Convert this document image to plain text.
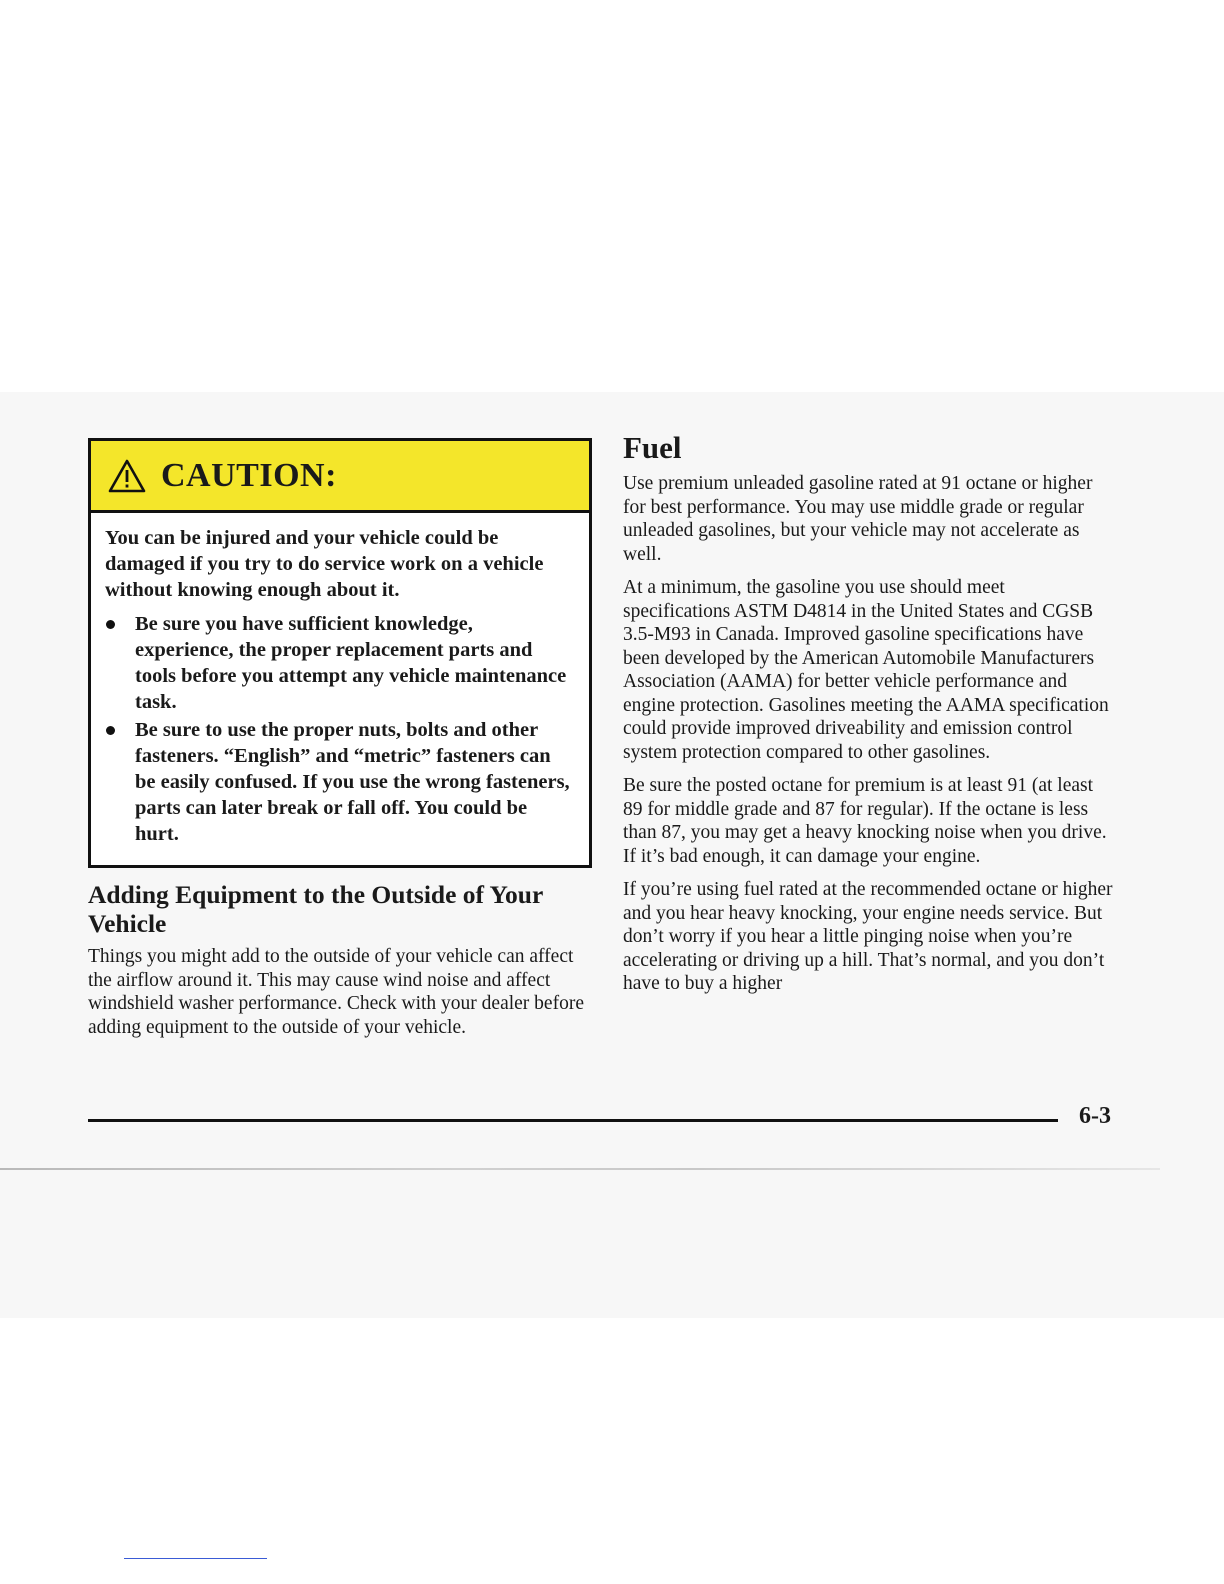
CAUTION:

You can be injured and your vehicle could be damaged if you try to do service work on a vehicle without knowing enough about it.

Be sure you have sufficient knowledge, experience, the proper replacement parts and tools before you attempt any vehicle maintenance task.
Be sure to use the proper nuts, bolts and other fasteners. “English” and “metric” fasteners can be easily confused. If you use the wrong fasteners, parts can later break or fall off. You could be hurt.
Adding Equipment to the Outside of Your Vehicle

Things you might add to the outside of your vehicle can affect the airflow around it. This may cause wind noise and affect windshield washer performance. Check with your dealer before adding equipment to the outside of your vehicle.

Fuel

Use premium unleaded gasoline rated at 91 octane or higher for best performance. You may use middle grade or regular unleaded gasolines, but your vehicle may not accelerate as well.

At a minimum, the gasoline you use should meet specifications ASTM D4814 in the United States and CGSB 3.5-M93 in Canada. Improved gasoline specifications have been developed by the American Automobile Manufacturers Association (AAMA) for better vehicle performance and engine protection. Gasolines meeting the AAMA specification could provide improved driveability and emission control system protection compared to other gasolines.

Be sure the posted octane for premium is at least 91 (at least 89 for middle grade and 87 for regular). If the octane is less than 87, you may get a heavy knocking noise when you drive. If it’s bad enough, it can damage your engine.

If you’re using fuel rated at the recommended octane or higher and you hear heavy knocking, your engine needs service. But don’t worry if you hear a little pinging noise when you’re accelerating or driving up a hill. That’s normal, and you don’t have to buy a higher

6-3
